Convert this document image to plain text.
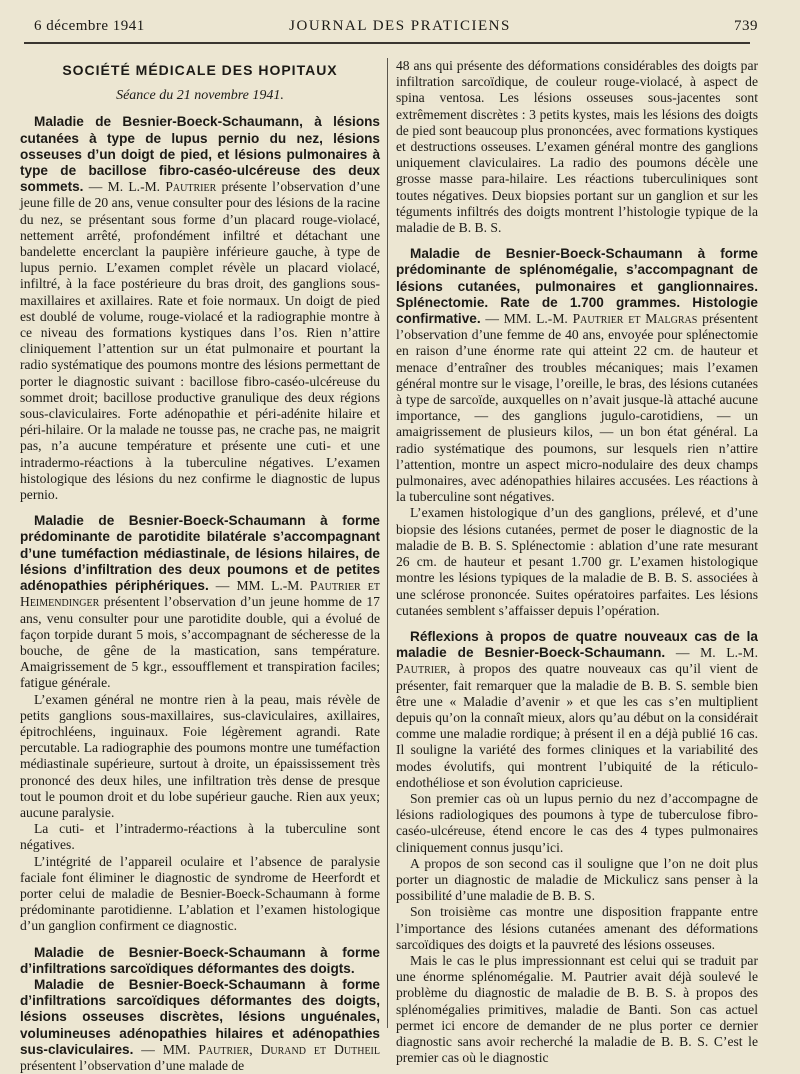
6 décembre 1941	JOURNAL DES PRATICIENS	739
SOCIÉTÉ MÉDICALE DES HOPITAUX
Séance du 21 novembre 1941.

Maladie de Besnier-Boeck-Schaumann, à lésions cutanées à type de lupus pernio du nez, lésions osseuses d’un doigt de pied, et lésions pulmonaires à type de bacillose fibro-caséo-ulcéreuse des deux sommets. — M. L.-M. Pautrier présente l’observation d’une jeune fille de 20 ans, venue consulter pour des lésions de la racine du nez, se présentant sous forme d’un placard rouge-violacé, nettement arrêté, profondément infiltré et détachant une bandelette encerclant la paupière inférieure gauche, à type de lupus pernio. L’examen complet révèle un placard violacé, infiltré, à la face postérieure du bras droit, des ganglions sous-maxillaires et axillaires. Rate et foie normaux. Un doigt de pied est doublé de volume, rouge-violacé et la radiographie montre à ce niveau des formations kystiques dans l’os. Rien n’attire cliniquement l’attention sur un état pulmonaire et pourtant la radio systématique des poumons montre des lésions permettant de porter le diagnostic suivant : bacillose fibro-caséo-ulcéreuse du sommet droit; bacillose productive granulique des deux régions sous-claviculaires. Forte adénopathie et péri-adénite hilaire et péri-hilaire. Or la malade ne tousse pas, ne crache pas, ne maigrit pas, n’a aucune température et présente une cuti- et une intradermo-réactions à la tuberculine négatives. L’examen histologique des lésions du nez confirme le diagnostic de lupus pernio.

Maladie de Besnier-Boeck-Schaumann à forme prédominante de parotidite bilatérale s’accompagnant d’une tuméfaction médiastinale, de lésions hilaires, de lésions d’infiltration des deux poumons et de petites adénopathies périphériques. — MM. L.-M. Pautrier et Heimendinger présentent l’observation d’un jeune homme de 17 ans, venu consulter pour une parotidite double, qui a évolué de façon torpide durant 5 mois, s’accompagnant de sécheresse de la bouche, de gêne de la mastication, sans température. Amaigrissement de 5 kgr., essoufflement et transpiration faciles; fatigue générale.

L’examen général ne montre rien à la peau, mais révèle de petits ganglions sous-maxillaires, sus-claviculaires, axillaires, épitrochléens, inguinaux. Foie légèrement agrandi. Rate percutable. La radiographie des poumons montre une tuméfaction médiastinale supérieure, surtout à droite, un épaississement très prononcé des deux hiles, une infiltration très dense de presque tout le poumon droit et du lobe supérieur gauche. Rien aux yeux; aucune paralysie.

La cuti- et l’intradermo-réactions à la tuberculine sont négatives.

L’intégrité de l’appareil oculaire et l’absence de paralysie faciale font éliminer le diagnostic de syndrome de Heerfordt et porter celui de maladie de Besnier-Boeck-Schaumann à forme prédominante parotidienne. L’ablation et l’examen histologique d’un ganglion confirment ce diagnostic.

Maladie de Besnier-Boeck-Schaumann à forme d’infiltrations sarcoïdiques déformantes des doigts.

Maladie de Besnier-Boeck-Schaumann à forme d’infiltrations sarcoïdiques déformantes des doigts, lésions osseuses discrètes, lésions unguénales, volumineuses adénopathies hilaires et adénopathies sus-claviculaires. — MM. Pautrier, Durand et Dutheil présentent l’observation d’une malade de

48 ans qui présente des déformations considérables des doigts par infiltration sarcoïdique, de couleur rouge-violacé, à aspect de spina ventosa. Les lésions osseuses sous-jacentes sont extrêmement discrètes : 3 petits kystes, mais les lésions des doigts de pied sont beaucoup plus prononcées, avec formations kystiques et destructions osseuses. L’examen général montre des ganglions uniquement claviculaires. La radio des poumons décèle une grosse masse para-hilaire. Les réactions tuberculiniques sont toutes négatives. Deux biopsies portant sur un ganglion et sur les téguments infiltrés des doigts montrent l’histologie typique de la maladie de B. B. S.

Maladie de Besnier-Boeck-Schaumann à forme prédominante de splénomégalie, s’accompagnant de lésions cutanées, pulmonaires et ganglionnaires. Splénectomie. Rate de 1.700 grammes. Histologie confirmative. — MM. L.-M. Pautrier et Malgras présentent l’observation d’une femme de 40 ans, envoyée pour splénectomie en raison d’une énorme rate qui atteint 22 cm. de hauteur et menace d’entraîner des troubles mécaniques; mais l’examen général montre sur le visage, l’oreille, le bras, des lésions cutanées à type de sarcoïde, auxquelles on n’avait jusque-là attaché aucune importance, — des ganglions jugulo-carotidiens, — un amaigrissement de plusieurs kilos, — un bon état général. La radio systématique des poumons, sur lesquels rien n’attire l’attention, montre un aspect micro-nodulaire des deux champs pulmonaires, avec adénopathies hilaires accusées. Les réactions à la tuberculine sont négatives.

L’examen histologique d’un des ganglions, prélevé, et d’une biopsie des lésions cutanées, permet de poser le diagnostic de la maladie de B. B. S. Splénectomie : ablation d’une rate mesurant 26 cm. de hauteur et pesant 1.700 gr. L’examen histologique montre les lésions typiques de la maladie de B. B. S. associées à une sclérose prononcée. Suites opératoires parfaites. Les lésions cutanées semblent s’affaisser depuis l’opération.

Réflexions à propos de quatre nouveaux cas de la maladie de Besnier-Boeck-Schaumann. — M. L.-M. Pautrier, à propos des quatre nouveaux cas qu’il vient de présenter, fait remarquer que la maladie de B. B. S. semble bien être une « Maladie d’avenir » et que les cas s’en multiplient depuis qu’on la connaît mieux, alors qu’au début on la considérait comme une maladie rordique; à présent il en a déjà publié 16 cas. Il souligne la variété des formes cliniques et la variabilité des modes évolutifs, qui montrent l’ubiquité de la réticulo-endothéliose et son évolution capricieuse.

Son premier cas où un lupus pernio du nez d’accompagne de lésions radiologiques des poumons à type de tuberculose fibro-caséo-ulcéreuse, étend encore le cas des 4 types pulmonaires cliniquement connus jusqu’ici.

A propos de son second cas il souligne que l’on ne doit plus porter un diagnostic de maladie de Mickulicz sans penser à la possibilité d’une maladie de B. B. S.

Son troisième cas montre une disposition frappante entre l’importance des lésions cutanées amenant des déformations sarcoïdiques des doigts et la pauvreté des lésions osseuses.

Mais le cas le plus impressionnant est celui qui se traduit par une énorme splénomégalie. M. Pautrier avait déjà soulevé le problème du diagnostic de maladie de B. B. S. à propos des splénomégalies primitives, maladie de Banti. Son cas actuel permet ici encore de demander de ne plus porter ce dernier diagnostic sans avoir recherché la maladie de B. B. S. C’est le premier cas où le diagnostic
